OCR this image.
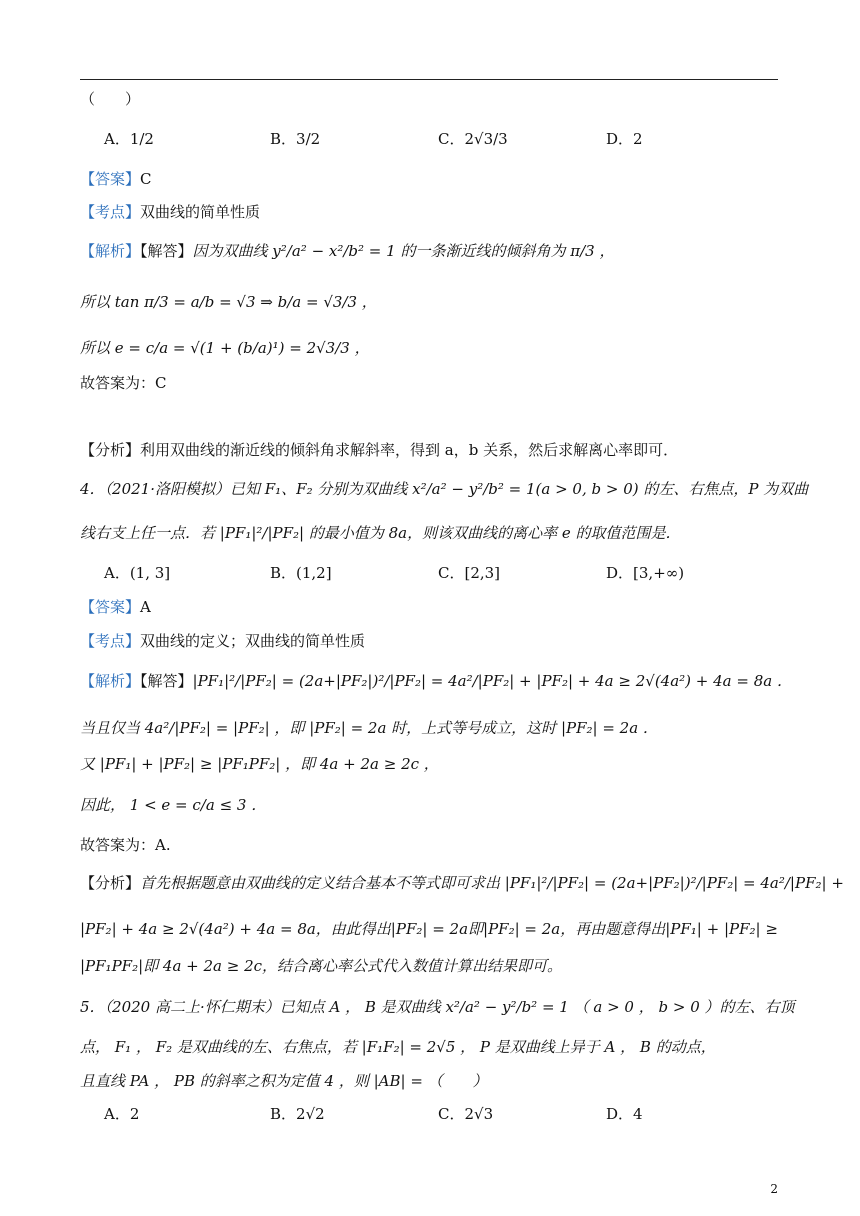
（　　）
A．1/2	B．3/2	C．2√3/3	D．2
【答案】C
【考点】双曲线的简单性质
【解析】【解答】因为双曲线 y²/a² − x²/b² = 1 的一条渐近线的倾斜角为 π/3 ，
所以 tan π/3 = a/b = √3 ⇒ b/a = √3/3 ，
所以 e = c/a = √(1 + (b/a)¹) = 2√3/3 ，
故答案为：C
【分析】利用双曲线的渐近线的倾斜角求解斜率，得到 a，b 关系，然后求解离心率即可．
4．（2021·洛阳模拟）已知 F₁、F₂ 分别为双曲线 x²/a² − y²/b² = 1(a > 0, b > 0) 的左、右焦点，P 为双曲
线右支上任一点．若 |PF₁|²/|PF₂| 的最小值为 8a，则该双曲线的离心率 e 的取值范围是．
A．(1, 3]	B．(1,2]	C．[2,3]	D．[3,+∞)
【答案】A
【考点】双曲线的定义；双曲线的简单性质
【解析】【解答】|PF₁|²/|PF₂| = (2a+|PF₂|)²/|PF₂| = 4a²/|PF₂| + |PF₂| + 4a ≥ 2√(4a²) + 4a = 8a ．
当且仅当 4a²/|PF₂| = |PF₂| ，即 |PF₂| = 2a 时，上式等号成立，这时 |PF₂| = 2a ．
又 |PF₁| + |PF₂| ≥ |PF₁PF₂| ，即 4a + 2a ≥ 2c ，
因此， 1 < e = c/a ≤ 3 ．
故答案为：A.
【分析】首先根据题意由双曲线的定义结合基本不等式即可求出 |PF₁|²/|PF₂| = (2a+|PF₂|)²/|PF₂| = 4a²/|PF₂| +
|PF₂| + 4a ≥ 2√(4a²) + 4a = 8a，由此得出|PF₂| = 2a即|PF₂| = 2a，再由题意得出|PF₁| + |PF₂| ≥
|PF₁PF₂|即 4a + 2a ≥ 2c，结合离心率公式代入数值计算出结果即可。
5．（2020 高二上·怀仁期末）已知点 A ， B 是双曲线 x²/a² − y²/b² = 1 （ a > 0 ， b > 0 ）的左、右顶
点， F₁ ， F₂ 是双曲线的左、右焦点，若 |F₁F₂| = 2√5 ， P 是双曲线上异于 A ， B 的动点，
且直线 PA ， PB 的斜率之积为定值 4 ，则 |AB| = （　　）
A．2	B．2√2	C．2√3	D．4
2
